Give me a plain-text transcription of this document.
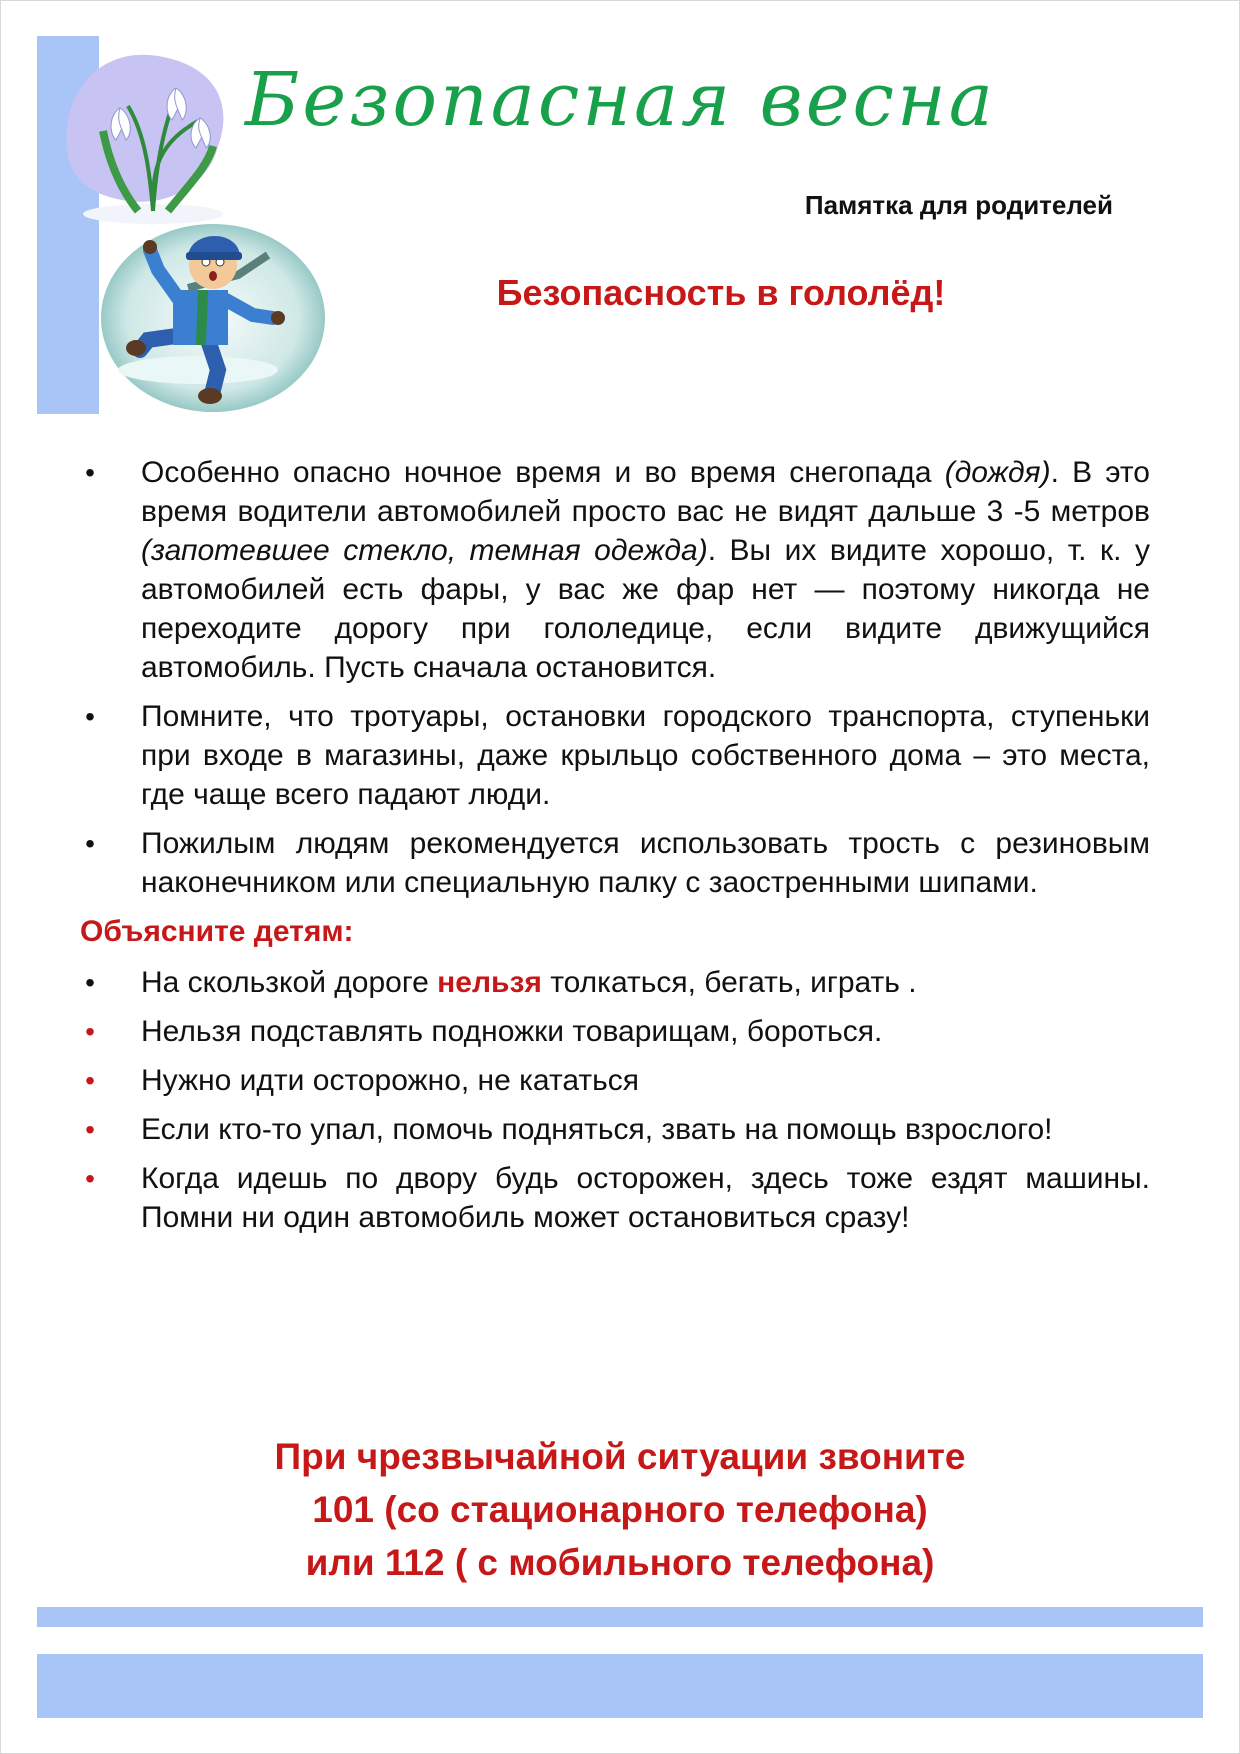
Безопасная весна
Памятка для родителей
Безопасность в гололёд!
• Особенно опасно ночное время и во время снегопада (дождя). В это время водители автомобилей просто вас не видят дальше 3 -5 метров (запотевшее стекло, темная одежда). Вы их видите хорошо, т. к. у автомобилей есть фары, у вас же фар нет — поэтому никогда не переходите дорогу при гололедице, если видите движущийся автомобиль. Пусть сначала остановится.
• Помните, что тротуары, остановки городского транспорта, ступеньки при входе в магазины, даже крыльцо собственного дома – это места, где чаще всего падают люди.
• Пожилым людям рекомендуется использовать трость с резиновым наконечником или специальную палку с заостренными шипами.
Объясните детям:
• На скользкой дороге нельзя толкаться, бегать, играть .
• Нельзя подставлять подножки товарищам, бороться.
• Нужно идти осторожно, не кататься
• Если кто-то упал, помочь подняться, звать на помощь взрослого!
• Когда идешь по двору будь осторожен, здесь тоже ездят машины. Помни ни один автомобиль может остановиться сразу!
При чрезвычайной ситуации звоните
101 (со стационарного телефона)
или 112 ( с мобильного телефона)
